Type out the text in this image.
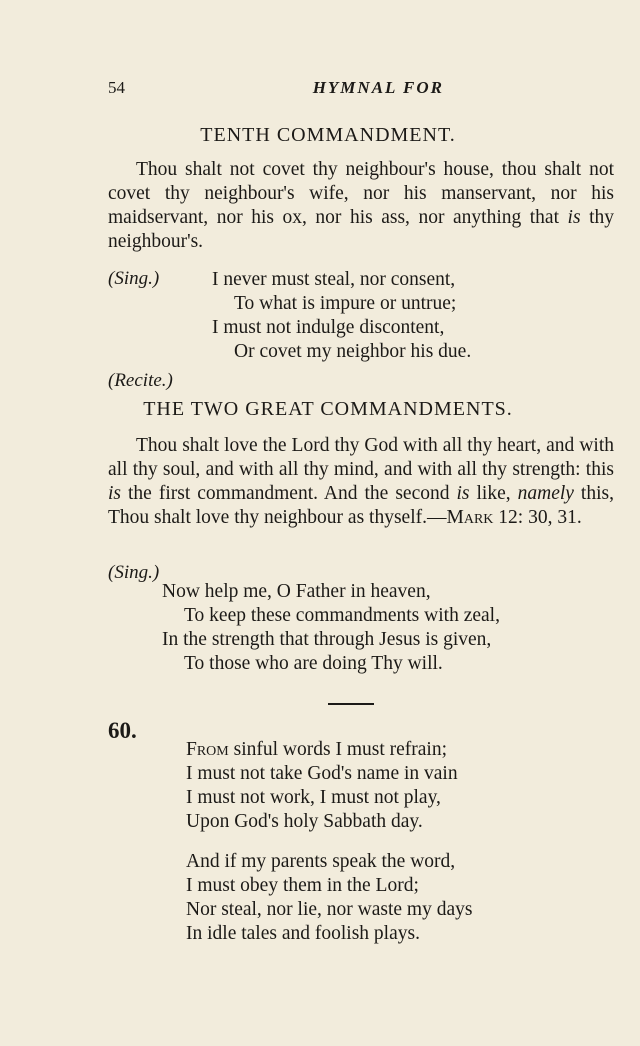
54	HYMNAL FOR
TENTH COMMANDMENT.

Thou shalt not covet thy neighbour's house, thou shalt not covet thy neighbour's wife, nor his manservant, nor his maidservant, nor his ox, nor his ass, nor anything that is thy neighbour's.

(Sing.)	I never must steal, nor consent,
To what is impure or untrue;
I must not indulge discontent,
Or covet my neighbor his due.
(Recite.)
THE TWO GREAT COMMANDMENTS.

Thou shalt love the Lord thy God with all thy heart, and with all thy soul, and with all thy mind, and with all thy strength: this is the first commandment. And the second is like, namely this, Thou shalt love thy neighbour as thyself.—Mark 12: 30, 31.

(Sing.)
Now help me, O Father in heaven,
To keep these commandments with zeal,
In the strength that through Jesus is given,
To those who are doing Thy will.
60.
From sinful words I must refrain;
I must not take God's name in vain
I must not work, I must not play,
Upon God's holy Sabbath day.
And if my parents speak the word,
I must obey them in the Lord;
Nor steal, nor lie, nor waste my days
In idle tales and foolish plays.
